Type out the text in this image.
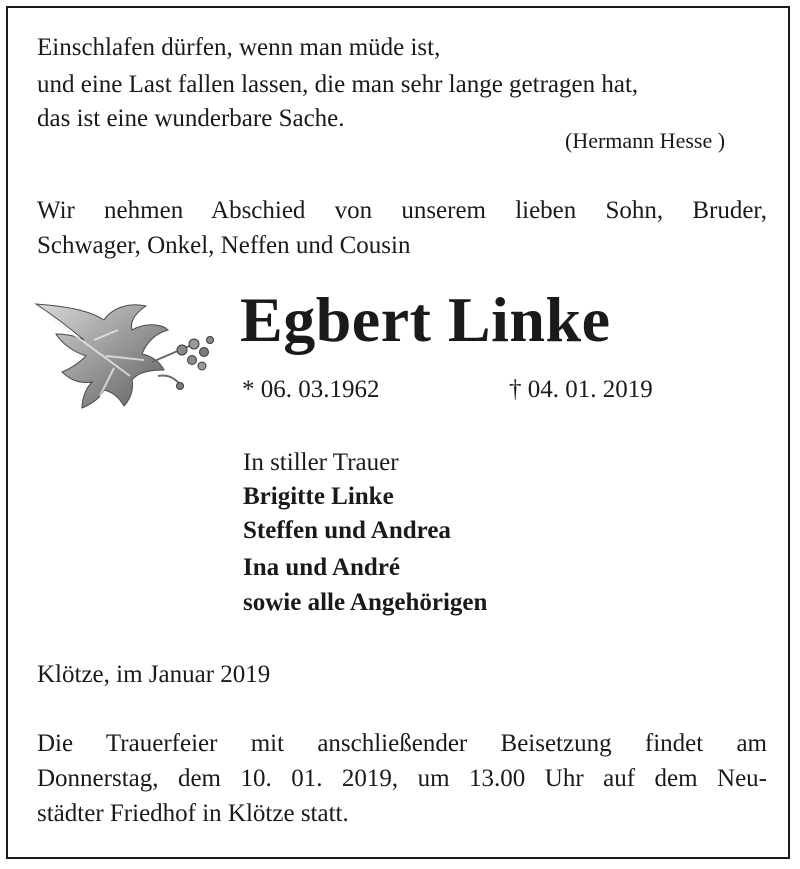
Einschlafen dürfen, wenn man müde ist,
und eine Last fallen lassen, die man sehr lange getragen hat,
das ist eine wunderbare Sache.
(Hermann Hesse )
Wir nehmen Abschied von unserem lieben Sohn, Bruder,
Schwager, Onkel, Neffen und Cousin
Egbert Linke
* 06. 03.1962	† 04. 01. 2019
In stiller Trauer
Brigitte Linke
Steffen und Andrea
Ina und André
sowie alle Angehörigen
Klötze, im Januar 2019
Die Trauerfeier mit anschließender Beisetzung findet am
Donnerstag, dem 10. 01. 2019, um 13.00 Uhr auf dem Neu-
städter Friedhof in Klötze statt.
